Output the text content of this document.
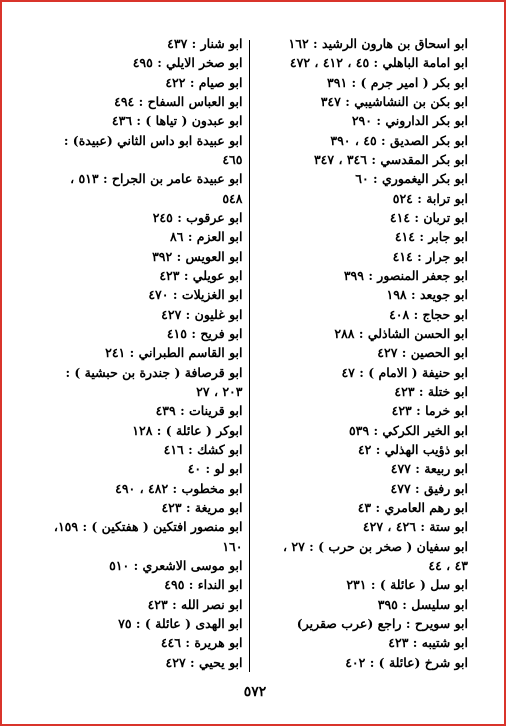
ابو اسحاق بن هارون الرشيد : ١٦٢
ابو امامة الباهلي : ٤٥ ، ٤١٢ ، ٤٧٢
ابو بكر ( امير جرم ) : ٣٩١
ابو بكن بن النشاشيبي : ٣٤٧
ابو بكر الداروني : ٢٩٠
ابو بكر الصديق : ٤٥ ، ٣٩٠
ابو بكر المقدسي : ٣٤٦ ، ٣٤٧
ابو بكر اليغموري : ٦٠
ابو ترابة : ٥٢٤
ابو تربان : ٤١٤
ابو جابر : ٤١٤
ابو جرار : ٤١٤
ابو جعفر المنصور : ٣٩٩
ابو جويعد : ١٩٨
ابو حجاج : ٤٠٨
ابو الحسن الشاذلي : ٢٨٨
ابو الحصين : ٤٢٧
ابو حنيفة ( الامام ) : ٤٧
ابو ختلة : ٤٢٣
ابو خرما : ٤٢٣
ابو الخير الكركي : ٥٣٩
ابو ذؤيب الهذلي : ٤٢
ابو ربيعة : ٤٧٧
ابو رفيق : ٤٧٧
ابو رهم العامري : ٤٣
ابو ستة : ٤٢٦ ، ٤٢٧
ابو سفيان ( صخر بن حرب ) : ٢٧ ،
٤٣ ، ٤٤
ابو سل ( عائلة ) : ٢٣١
ابو سليسل : ٣٩٥
ابو سويرح : راجع (عرب صقرير)
ابو شتيبه : ٤٢٣
ابو شرخ (عائلة ) : ٤٠٢
ابو شنار : ٤٣٧
ابو صخر الايلي : ٤٩٥
ابو صيام : ٤٢٢
ابو العباس السفاح : ٤٩٤
ابو عبدون ( تياها ) : ٤٣٦
ابو عبيدة ابو داس الثاني (عبيدة) :
٤٦٥
ابو عبيدة عامر بن الجراح : ٥١٣ ،
٥٤٨
ابو عرقوب : ٢٤٥
ابو العزم : ٨٦
ابو العويس : ٣٩٢
ابو عويلي : ٤٢٣
ابو الغزيلات : ٤٧٠
ابو غليون : ٤٢٧
ابو فريح : ٤١٥
ابو القاسم الطبراني : ٢٤١
ابو قرصافة ( جندرة بن حبشية ) :
٢٠٣ ، ٢٧
ابو قرينات : ٤٣٩
ابوكر ( عائلة ) : ١٢٨
ابو كشك : ٤١٦
ابو لو : ٤٠
ابو مخطوب : ٤٨٢ ، ٤٩٠
ابو مريغة : ٤٢٣
ابو منصور افتكين ( هفتكين ) : ١٥٩،
١٦٠
ابو موسى الاشعري : ٥١٠
ابو النداء : ٤٩٥
ابو نصر الله : ٤٢٣
ابو الهدى ( عائلة ) : ٧٥
ابو هريرة : ٤٤٦
ابو يحيي : ٤٢٧
٥٧٢
